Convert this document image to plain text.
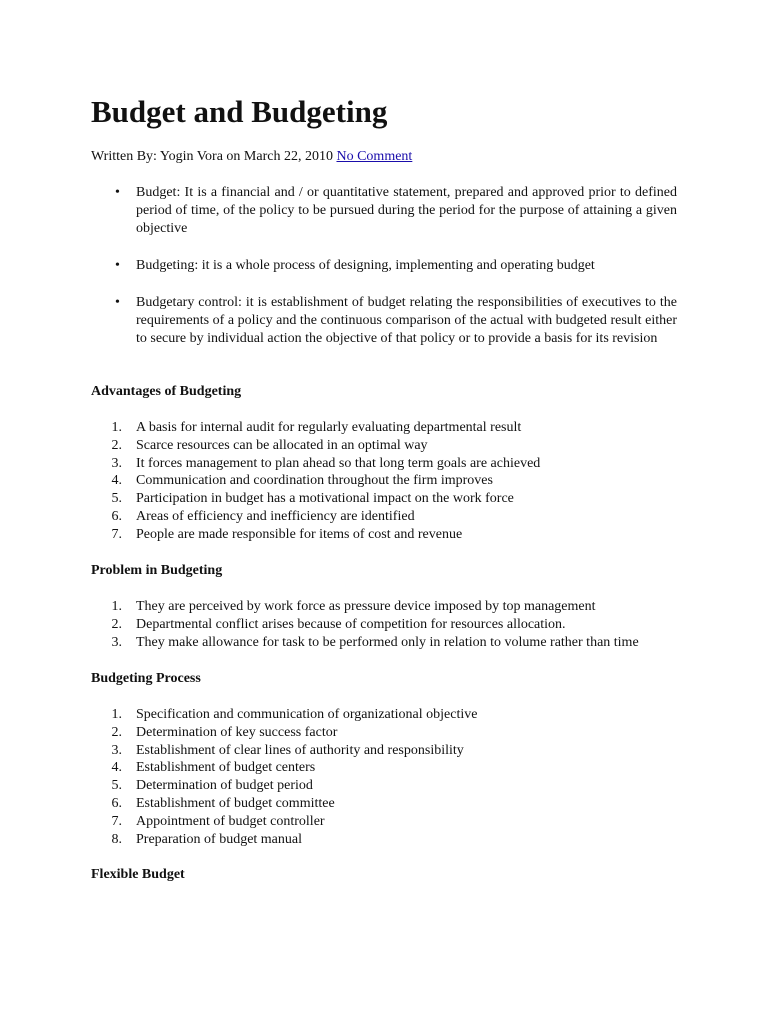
Budget and Budgeting
Written By: Yogin Vora on March 22, 2010 No Comment
• Budget: It is a financial and / or quantitative statement, prepared and approved prior to defined period of time, of the policy to be pursued during the period for the purpose of attaining a given objective
• Budgeting: it is a whole process of designing, implementing and operating budget
• Budgetary control: it is establishment of budget relating the responsibilities of executives to the requirements of a policy and the continuous comparison of the actual with budgeted result either to secure by individual action the objective of that policy or to provide a basis for its revision
Advantages of Budgeting
1. A basis for internal audit for regularly evaluating departmental result
2. Scarce resources can be allocated in an optimal way
3. It forces management to plan ahead so that long term goals are achieved
4. Communication and coordination throughout the firm improves
5. Participation in budget has a motivational impact on the work force
6. Areas of efficiency and inefficiency are identified
7. People are made responsible for items of cost and revenue
Problem in Budgeting
1. They are perceived by work force as pressure device imposed by top management
2. Departmental conflict arises because of competition for resources allocation.
3. They make allowance for task to be performed only in relation to volume rather than time
Budgeting Process
1. Specification and communication of organizational objective
2. Determination of key success factor
3. Establishment of clear lines of authority and responsibility
4. Establishment of budget centers
5. Determination of budget period
6. Establishment of budget committee
7. Appointment of budget controller
8. Preparation of budget manual
Flexible Budget
